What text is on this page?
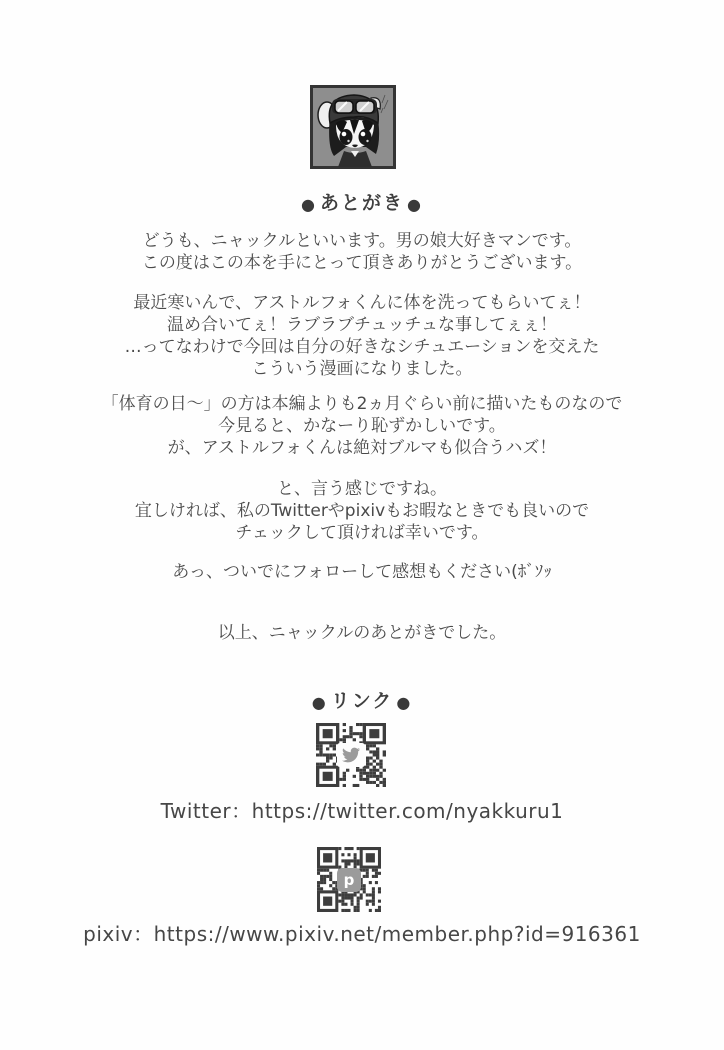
● あとがき ●
どうも、ニャックルといいます。男の娘大好きマンです。
この度はこの本を手にとって頂きありがとうございます。
最近寒いんで、アストルフォくんに体を洗ってもらいてぇ！
温め合いてぇ！ラブラブチュッチュな事してぇぇ！
…ってなわけで今回は自分の好きなシチュエーションを交えた
こういう漫画になりました。
「体育の日〜」の方は本編よりも2ヵ月ぐらい前に描いたものなので
今見ると、かなーり恥ずかしいです。
が、アストルフォくんは絶対ブルマも似合うハズ！
と、言う感じですね。
宜しければ、私のTwitterやpixivもお暇なときでも良いので
チェックして頂ければ幸いです。
あっ、ついでにフォローして感想もください(ﾎﾞｿｯ
以上、ニャックルのあとがきでした。
● リンク ●
Twitter：https://twitter.com/nyakkuru1
p
pixiv：https://www.pixiv.net/member.php?id=916361
